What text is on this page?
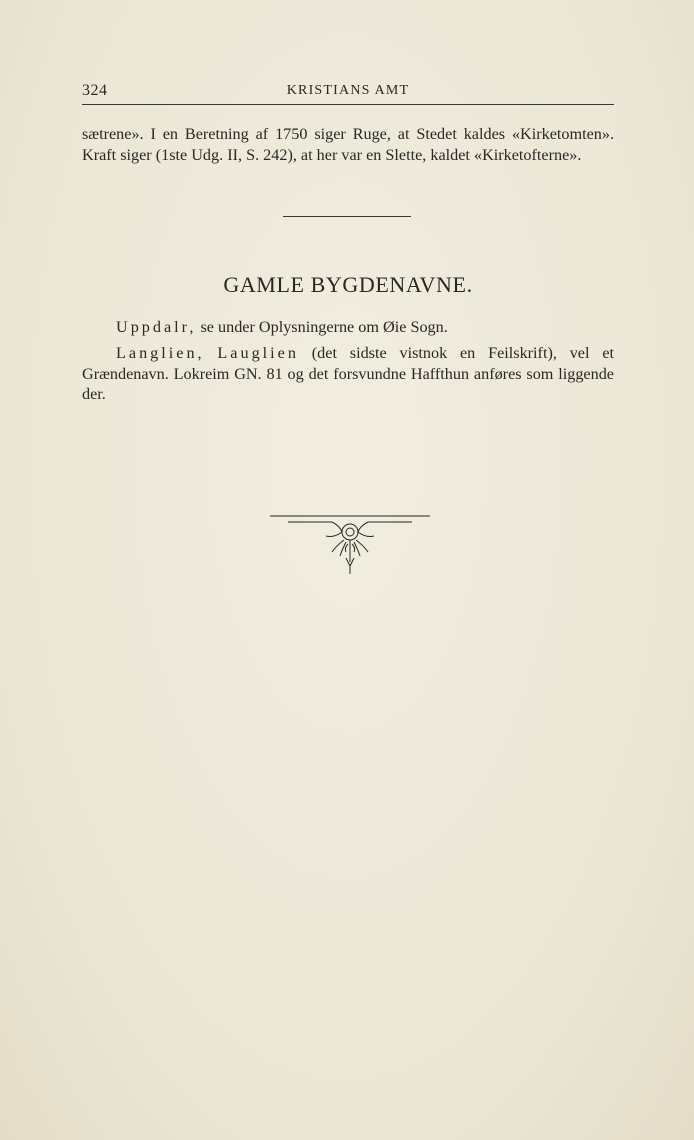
324	KRISTIANS AMT

sætrene». I en Beretning af 1750 siger Ruge, at Stedet kaldes «Kirketomten». Kraft siger (1ste Udg. II, S. 242), at her var en Slette, kaldet «Kirketofterne».

GAMLE BYGDENAVNE.

Uppdalr, se under Oplysningerne om Øie Sogn.

Langlien, Lauglien (det sidste vistnok en Feilskrift), vel et Grændenavn. Lokreim GN. 81 og det forsvundne Haffthun anføres som liggende der.
